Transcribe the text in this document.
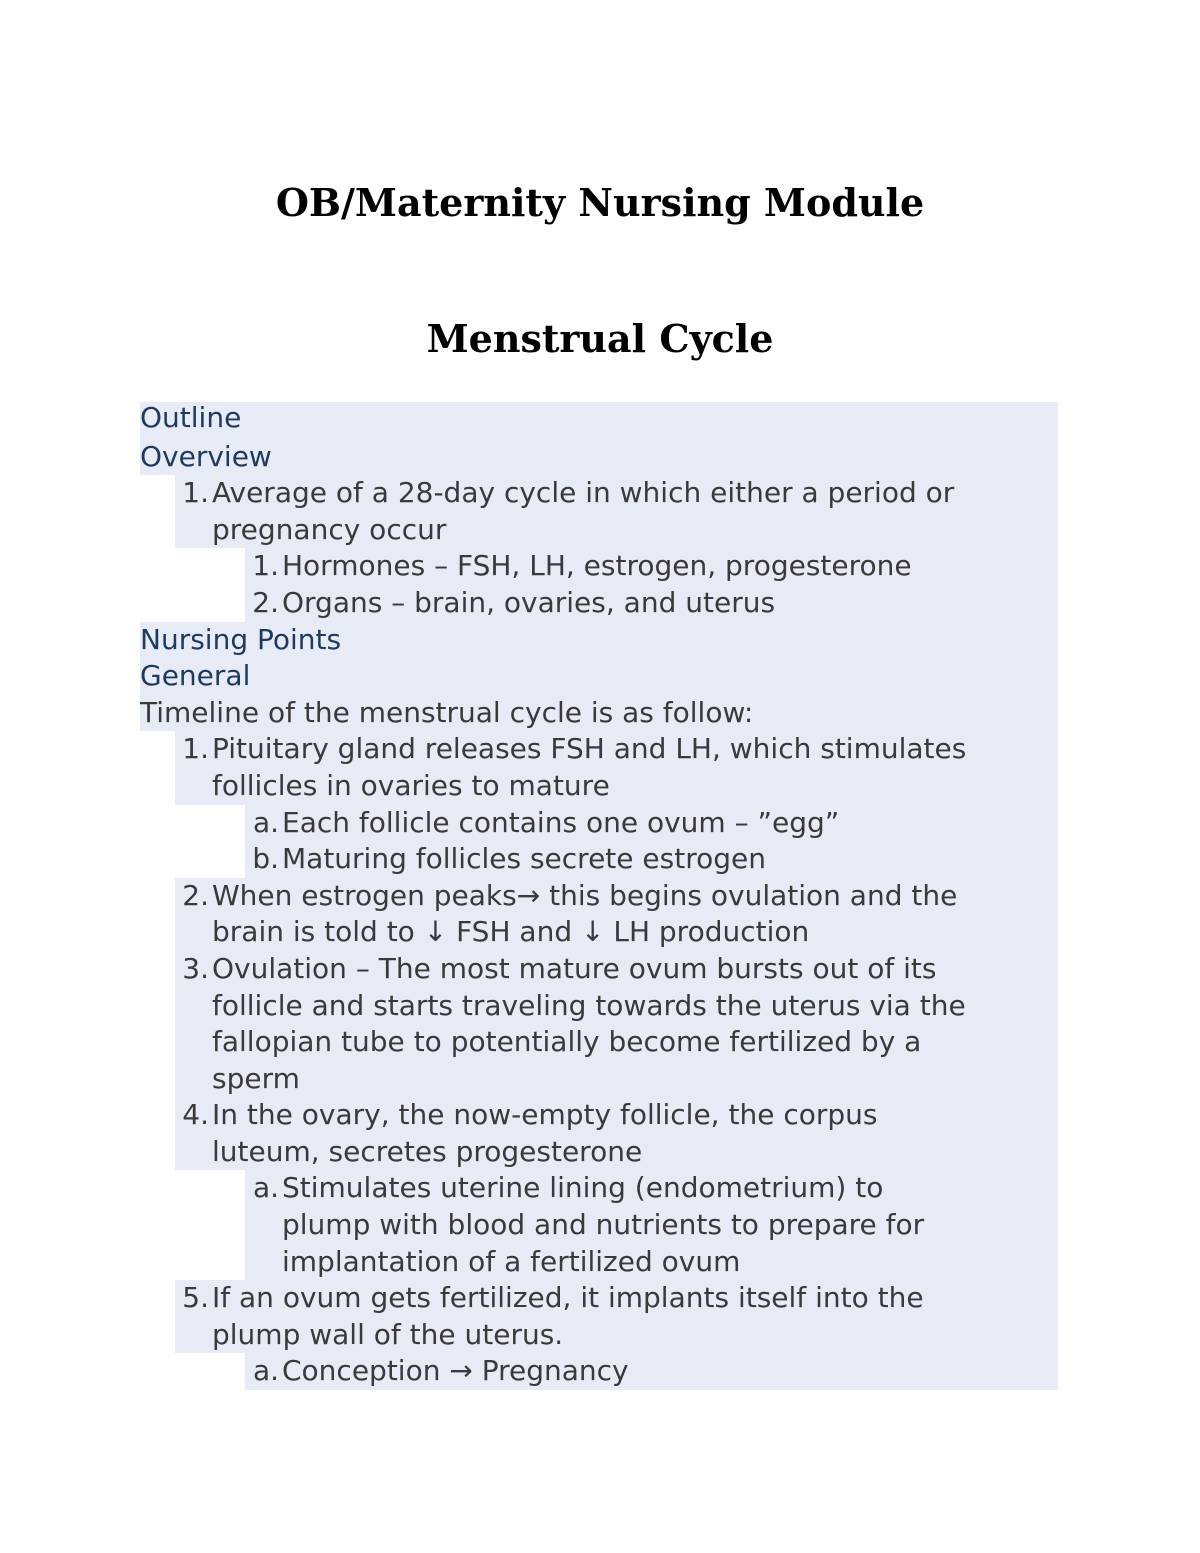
OB/Maternity Nursing Module
Menstrual Cycle
Outline
Overview
1. Average of a 28-day cycle in which either a period or
pregnancy occur
1. Hormones – FSH, LH, estrogen, progesterone
2. Organs – brain, ovaries, and uterus
Nursing Points
General
Timeline of the menstrual cycle is as follow:
1. Pituitary gland releases FSH and LH, which stimulates
follicles in ovaries to mature
a. Each follicle contains one ovum – ”egg”
b. Maturing follicles secrete estrogen
2. When estrogen peaks→ this begins ovulation and the
brain is told to ↓ FSH and ↓ LH production
3. Ovulation – The most mature ovum bursts out of its
follicle and starts traveling towards the uterus via the
fallopian tube to potentially become fertilized by a
sperm
4. In the ovary, the now-empty follicle, the corpus
luteum, secretes progesterone
a. Stimulates uterine lining (endometrium) to
plump with blood and nutrients to prepare for
implantation of a fertilized ovum
5. If an ovum gets fertilized, it implants itself into the
plump wall of the uterus.
a. Conception → Pregnancy
